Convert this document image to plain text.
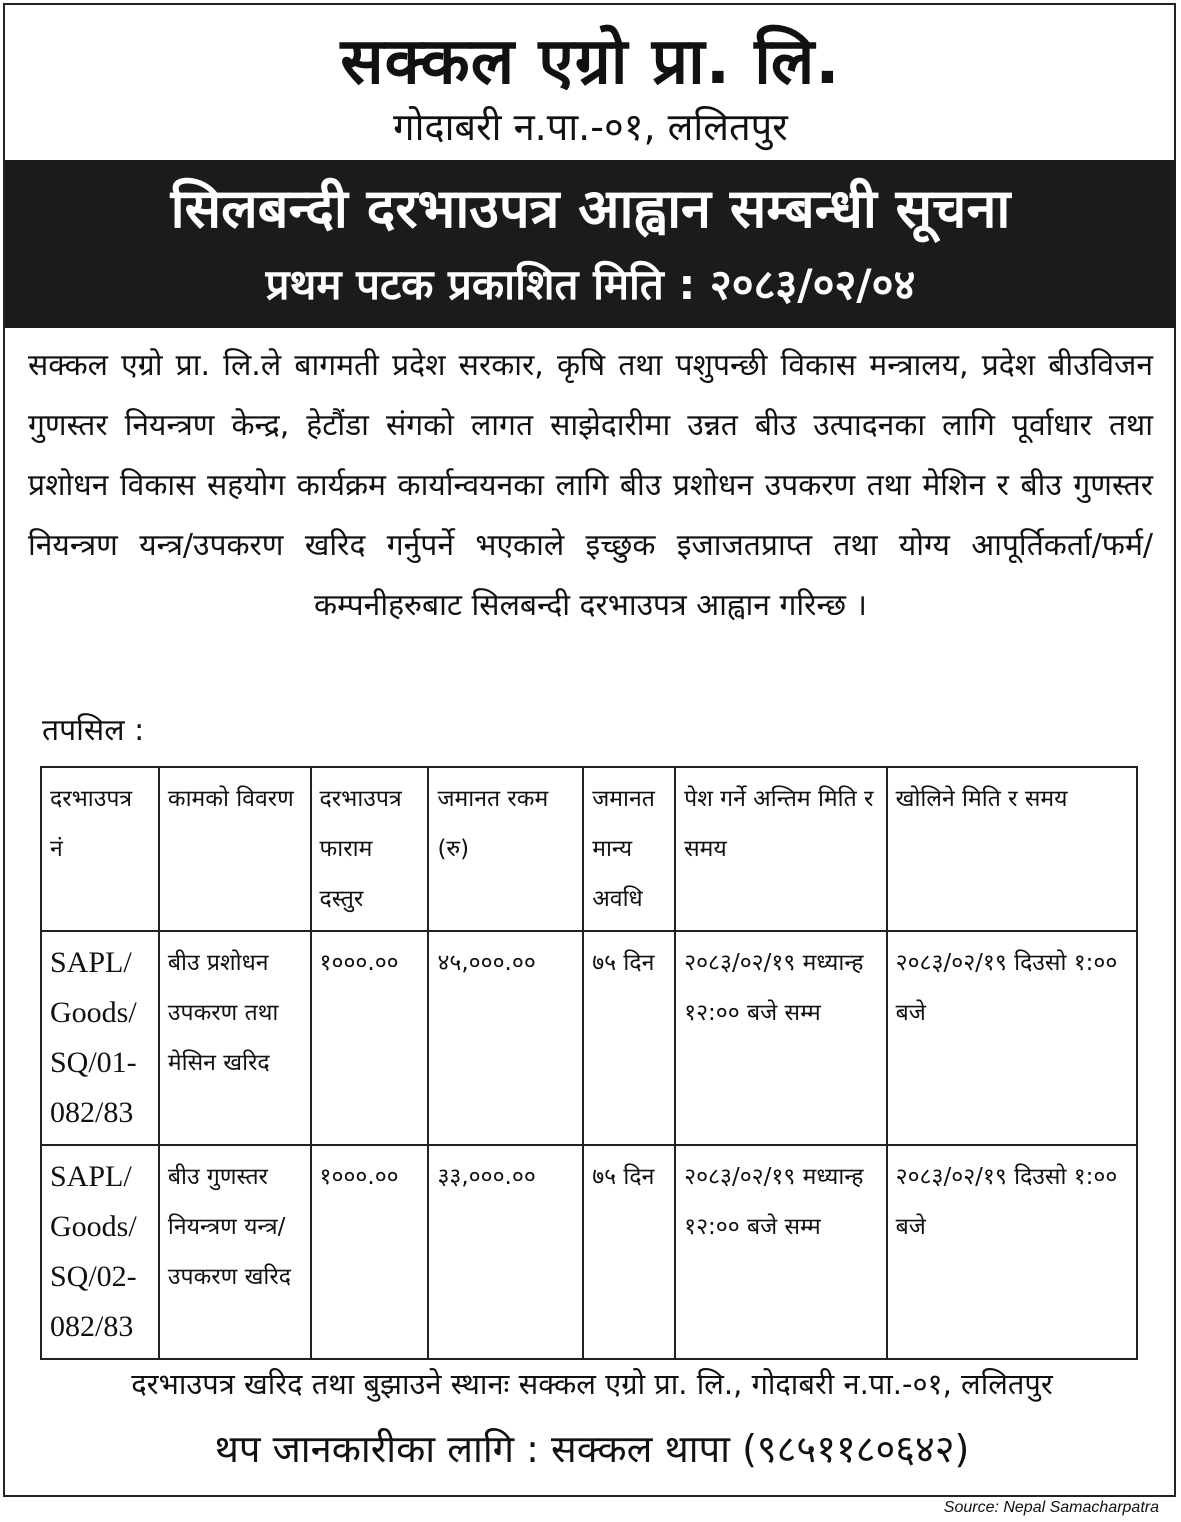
सक्कल एग्रो प्रा. लि.
गोदाबरी न.पा.-०१, ललितपुर
सिलबन्दी दरभाउपत्र आह्वान सम्बन्धी सूचना
प्रथम पटक प्रकाशित मिति : २०८३/०२/०४
सक्कल एग्रो प्रा. लि.ले बागमती प्रदेश सरकार, कृषि तथा पशुपन्छी विकास मन्त्रालय, प्रदेश बीउविजन गुणस्तर नियन्त्रण केन्द्र, हेटौंडा संगको लागत साझेदारीमा उन्नत बीउ उत्पादनका लागि पूर्वाधार तथा प्रशोधन विकास सहयोग कार्यक्रम कार्यान्वयनका लागि बीउ प्रशोधन उपकरण तथा मेशिन र बीउ गुणस्तर नियन्त्रण यन्त्र/उपकरण खरिद गर्नुपर्ने भएकाले इच्छुक इजाजतप्राप्त तथा योग्य आपूर्तिकर्ता/फर्म/कम्पनीहरुबाट सिलबन्दी दरभाउपत्र आह्वान गरिन्छ ।
तपसिल :
दरभाउपत्र नं	कामको विवरण	दरभाउपत्र फाराम दस्तुर	जमानत रकम (रु)	जमानत मान्य अवधि	पेश गर्ने अन्तिम मिति र समय	खोलिने मिति र समय
SAPL/ Goods/ SQ/01- 082/83	बीउ प्रशोधन उपकरण तथा मेसिन खरिद	१०००.००	४५,०००.००	७५ दिन	२०८३/०२/१९ मध्यान्ह १२:०० बजे सम्म	२०८३/०२/१९ दिउसो १:०० बजे
SAPL/ Goods/ SQ/02- 082/83	बीउ गुणस्तर नियन्त्रण यन्त्र/उपकरण खरिद	१०००.००	३३,०००.००	७५ दिन	२०८३/०२/१९ मध्यान्ह १२:०० बजे सम्म	२०८३/०२/१९ दिउसो १:०० बजे
दरभाउपत्र खरिद तथा बुझाउने स्थानः सक्कल एग्रो प्रा. लि., गोदाबरी न.पा.-०१, ललितपुर
थप जानकारीका लागि : सक्कल थापा (९८५११८०६४२)
Source: Nepal Samacharpatra
